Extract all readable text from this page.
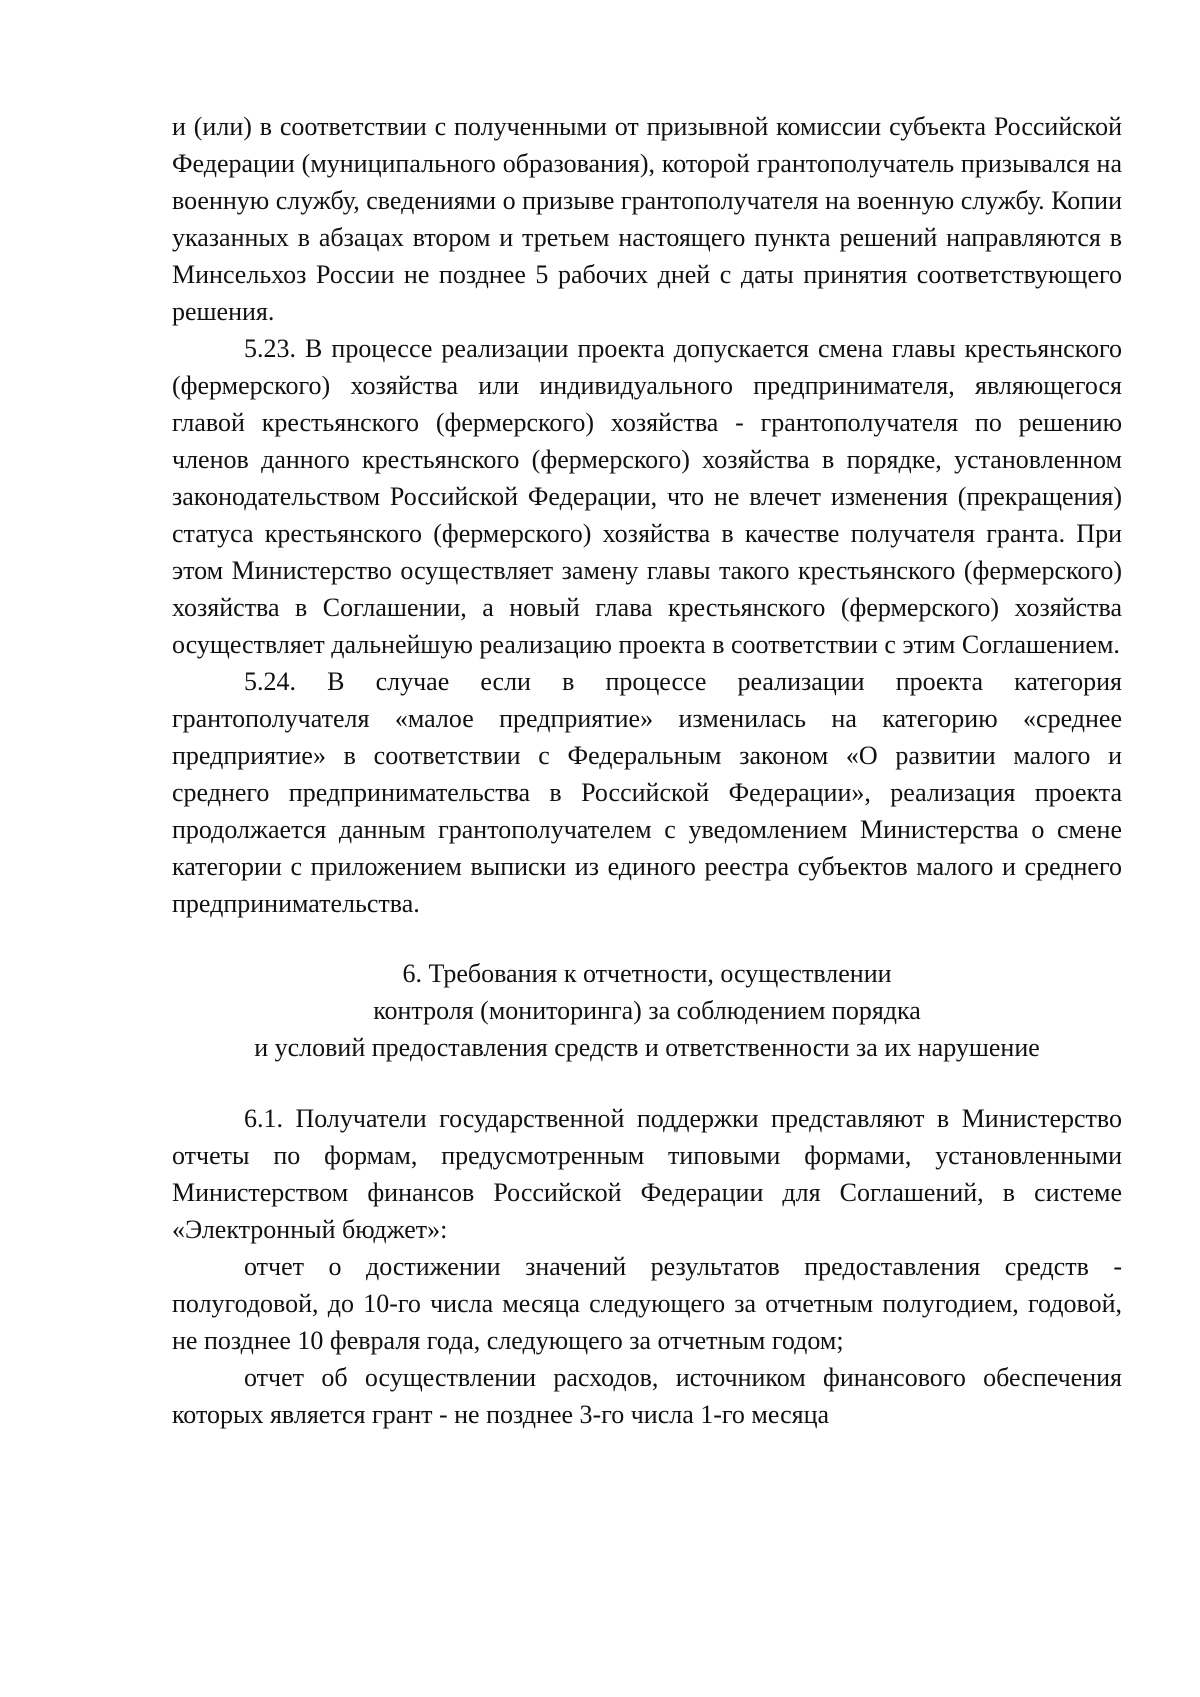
и (или) в соответствии с полученными от призывной комиссии субъекта Российской Федерации (муниципального образования), которой грантополучатель призывался на военную службу, сведениями о призыве грантополучателя на военную службу. Копии указанных в абзацах втором и третьем настоящего пункта решений направляются в Минсельхоз России не позднее 5 рабочих дней с даты принятия соответствующего решения.

5.23. В процессе реализации проекта допускается смена главы крестьянского (фермерского) хозяйства или индивидуального предпринимателя, являющегося главой крестьянского (фермерского) хозяйства - грантополучателя по решению членов данного крестьянского (фермерского) хозяйства в порядке, установленном законодательством Российской Федерации, что не влечет изменения (прекращения) статуса крестьянского (фермерского) хозяйства в качестве получателя гранта. При этом Министерство осуществляет замену главы такого крестьянского (фермерского) хозяйства в Соглашении, а новый глава крестьянского (фермерского) хозяйства осуществляет дальнейшую реализацию проекта в соответствии с этим Соглашением.

5.24. В случае если в процессе реализации проекта категория грантополучателя «малое предприятие» изменилась на категорию «среднее предприятие» в соответствии с Федеральным законом «О развитии малого и среднего предпринимательства в Российской Федерации», реализация проекта продолжается данным грантополучателем с уведомлением Министерства о смене категории с приложением выписки из единого реестра субъектов малого и среднего предпринимательства.

6. Требования к отчетности, осуществлении
контроля (мониторинга) за соблюдением порядка
и условий предоставления средств и ответственности за их нарушение

6.1. Получатели государственной поддержки представляют в Министерство отчеты по формам, предусмотренным типовыми формами, установленными Министерством финансов Российской Федерации для Соглашений, в системе «Электронный бюджет»:

отчет о достижении значений результатов предоставления средств - полугодовой, до 10-го числа месяца следующего за отчетным полугодием, годовой, не позднее 10 февраля года, следующего за отчетным годом;

отчет об осуществлении расходов, источником финансового обеспечения которых является грант - не позднее 3-го числа 1-го месяца
